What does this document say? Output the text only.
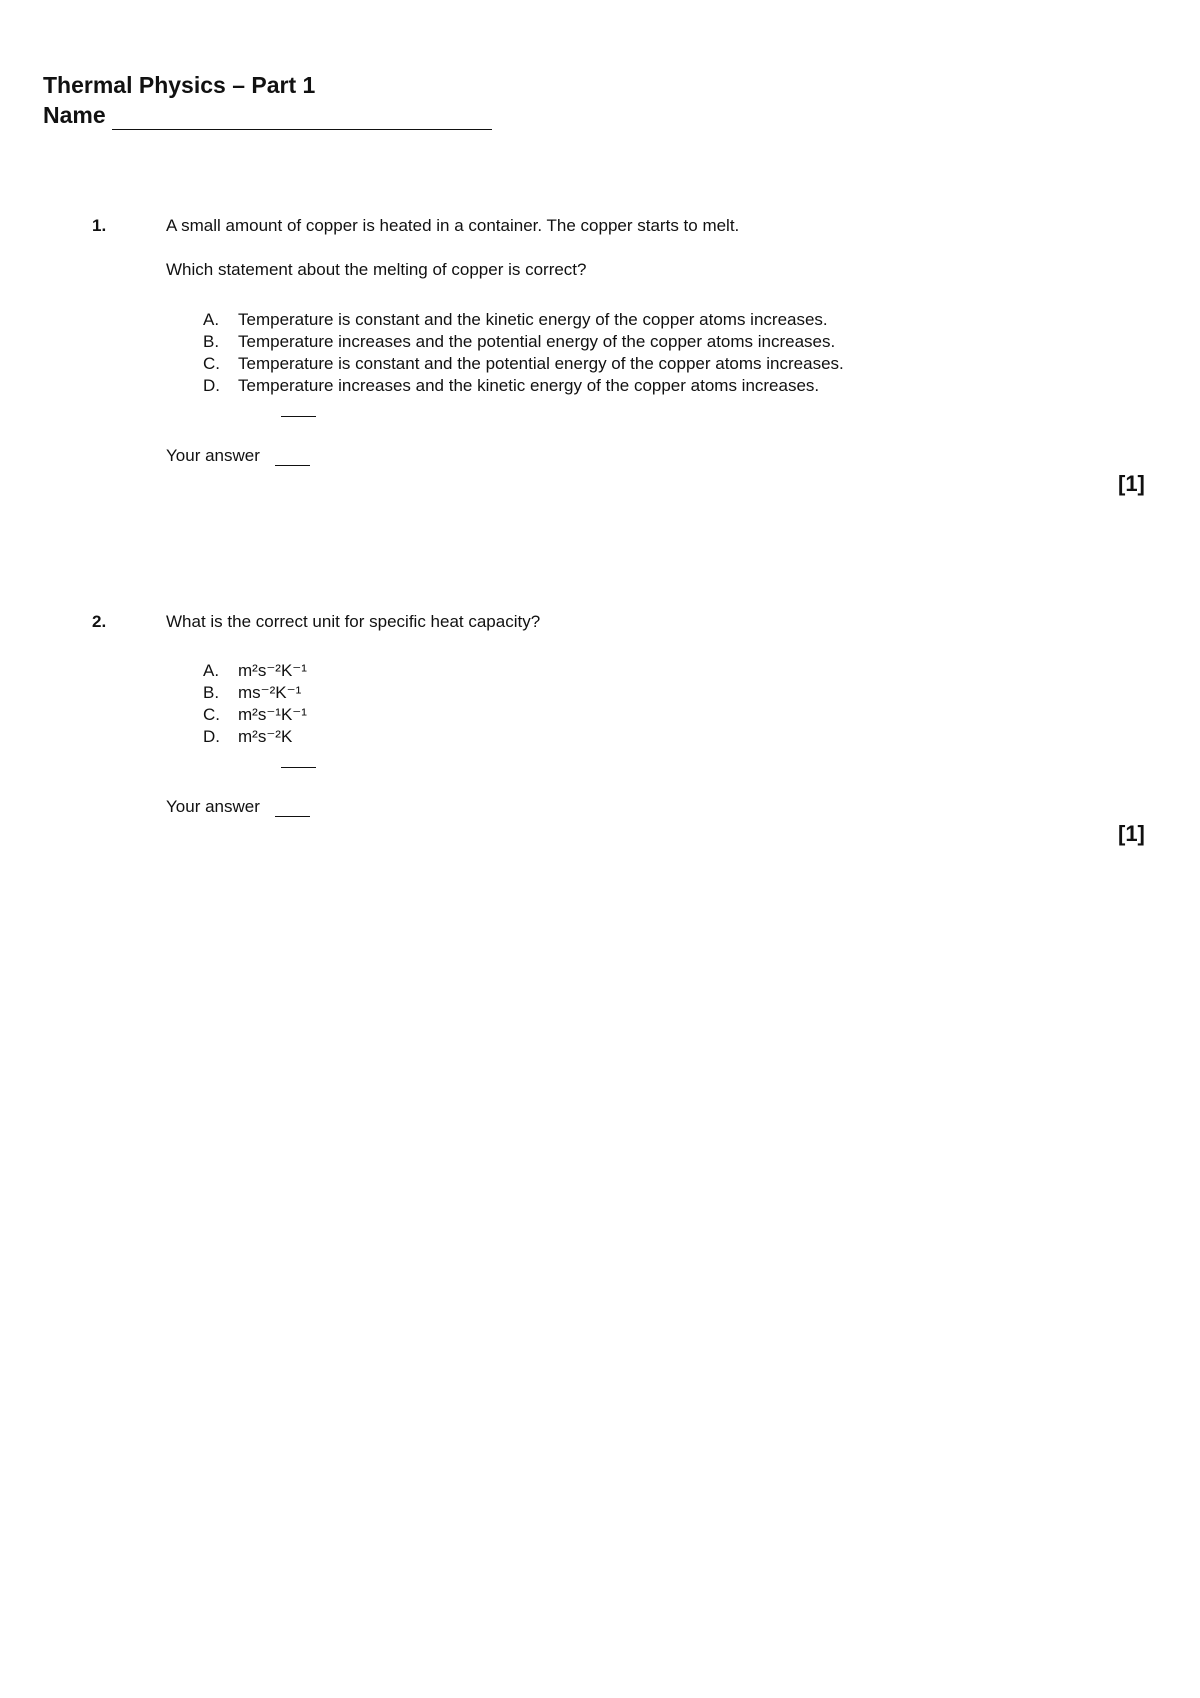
Thermal Physics – Part 1
Name
1.	A small amount of copper is heated in a container. The copper starts to melt.
Which statement about the melting of copper is correct?
A.	Temperature is constant and the kinetic energy of the copper atoms increases.
B.	Temperature increases and the potential energy of the copper atoms increases.
C.	Temperature is constant and the potential energy of the copper atoms increases.
D.	Temperature increases and the kinetic energy of the copper atoms increases.
Your answer
[1]
2.	What is the correct unit for specific heat capacity?
A.	m²s⁻²K⁻¹
B.	ms⁻²K⁻¹
C.	m²s⁻¹K⁻¹
D.	m²s⁻²K
Your answer
[1]
